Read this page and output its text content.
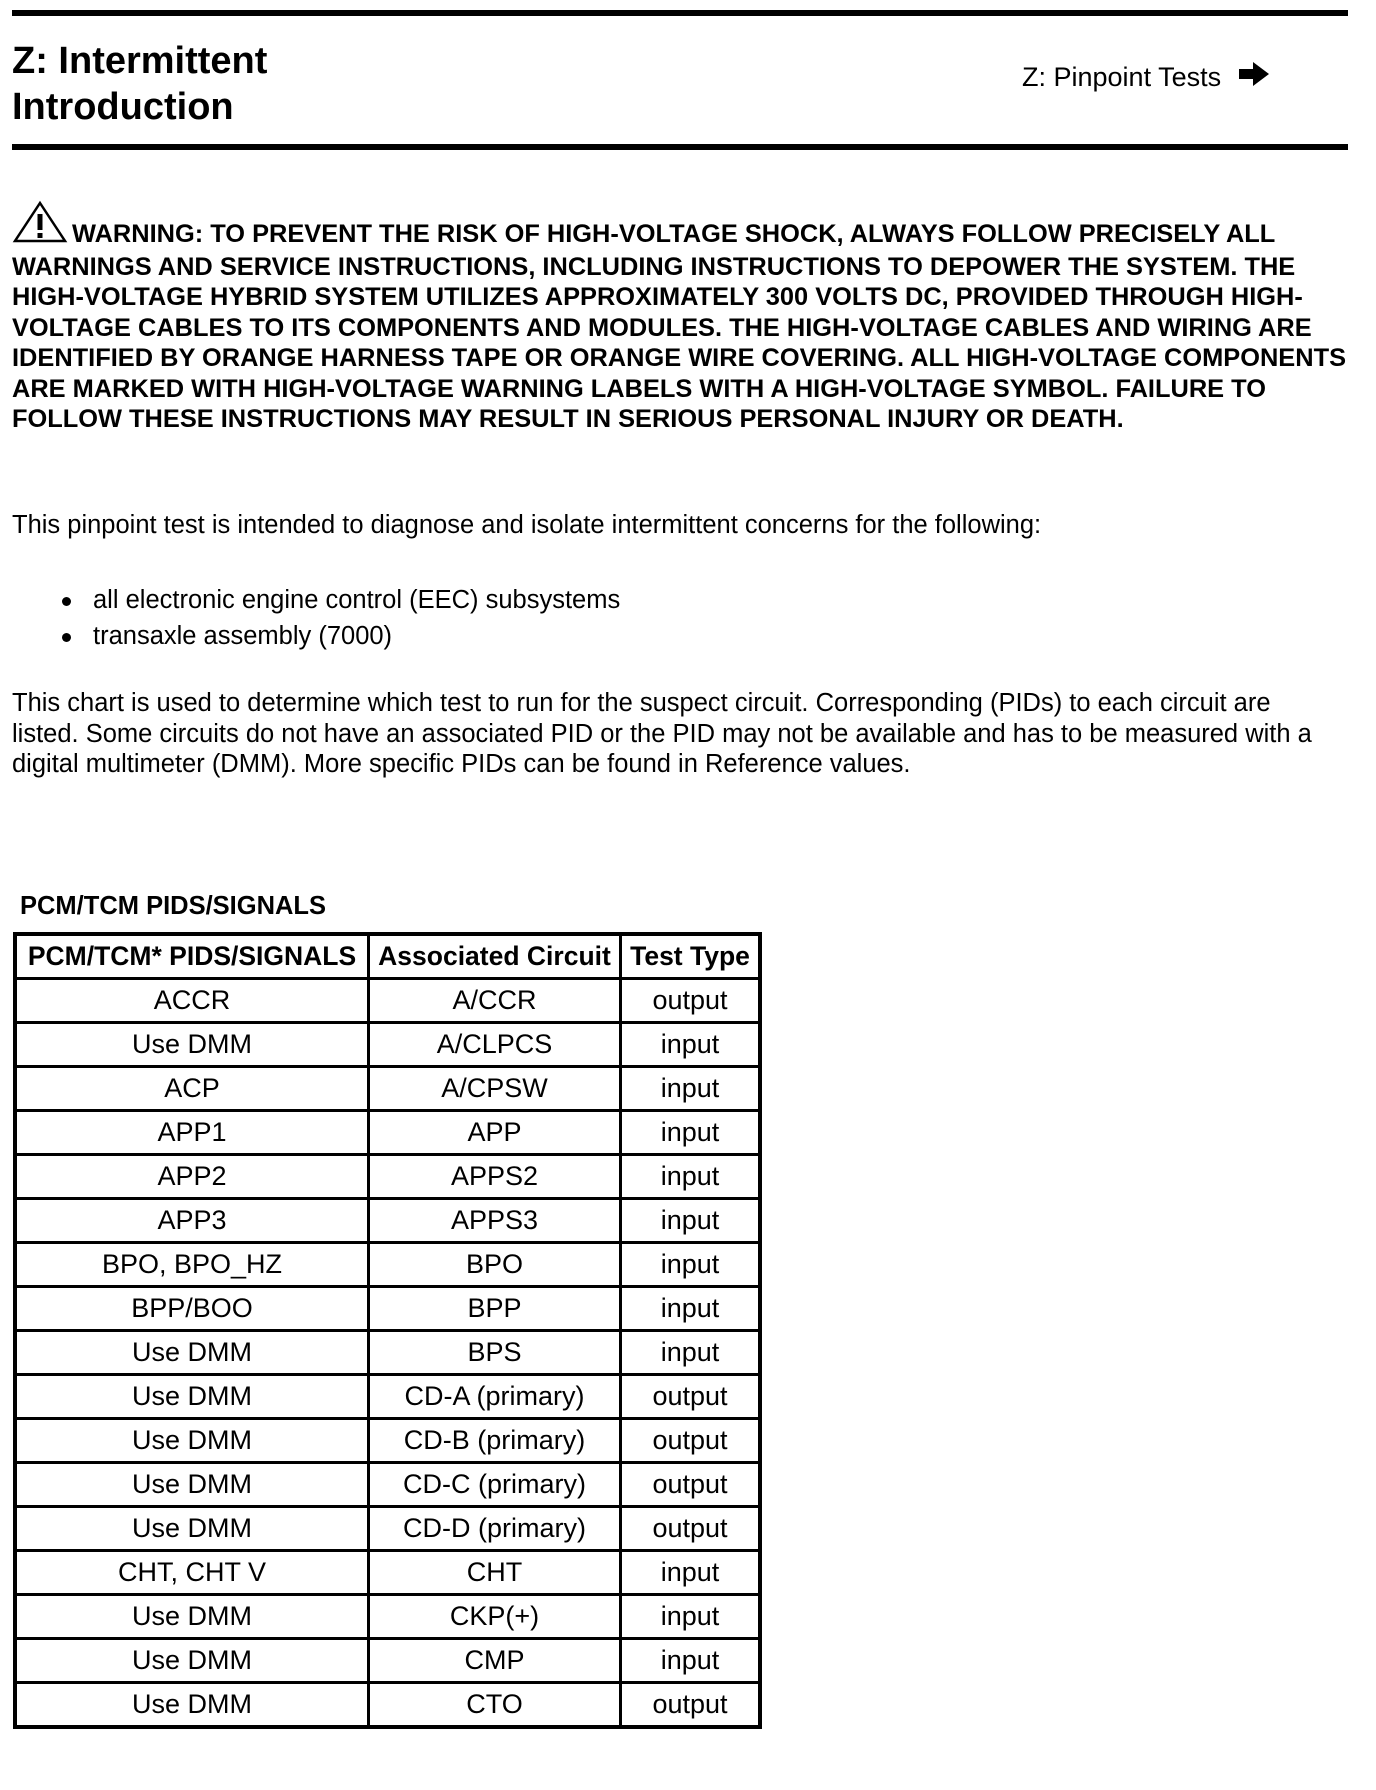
Z: Intermittent
Introduction
Z: Pinpoint Tests
WARNING: TO PREVENT THE RISK OF HIGH-VOLTAGE SHOCK, ALWAYS FOLLOW PRECISELY ALL WARNINGS AND SERVICE INSTRUCTIONS, INCLUDING INSTRUCTIONS TO DEPOWER THE SYSTEM. THE HIGH-VOLTAGE HYBRID SYSTEM UTILIZES APPROXIMATELY 300 VOLTS DC, PROVIDED THROUGH HIGH-VOLTAGE CABLES TO ITS COMPONENTS AND MODULES. THE HIGH-VOLTAGE CABLES AND WIRING ARE IDENTIFIED BY ORANGE HARNESS TAPE OR ORANGE WIRE COVERING. ALL HIGH-VOLTAGE COMPONENTS ARE MARKED WITH HIGH-VOLTAGE WARNING LABELS WITH A HIGH-VOLTAGE SYMBOL. FAILURE TO FOLLOW THESE INSTRUCTIONS MAY RESULT IN SERIOUS PERSONAL INJURY OR DEATH.
This pinpoint test is intended to diagnose and isolate intermittent concerns for the following:
all electronic engine control (EEC) subsystems
transaxle assembly (7000)
This chart is used to determine which test to run for the suspect circuit. Corresponding (PIDs) to each circuit are listed. Some circuits do not have an associated PID or the PID may not be available and has to be measured with a digital multimeter (DMM). More specific PIDs can be found in Reference values.
PCM/TCM PIDS/SIGNALS
PCM/TCM* PIDS/SIGNALS	Associated Circuit	Test Type
ACCR	A/CCR	output
Use DMM	A/CLPCS	input
ACP	A/CPSW	input
APP1	APP	input
APP2	APPS2	input
APP3	APPS3	input
BPO, BPO_HZ	BPO	input
BPP/BOO	BPP	input
Use DMM	BPS	input
Use DMM	CD-A (primary)	output
Use DMM	CD-B (primary)	output
Use DMM	CD-C (primary)	output
Use DMM	CD-D (primary)	output
CHT, CHT V	CHT	input
Use DMM	CKP(+)	input
Use DMM	CMP	input
Use DMM	CTO	output
